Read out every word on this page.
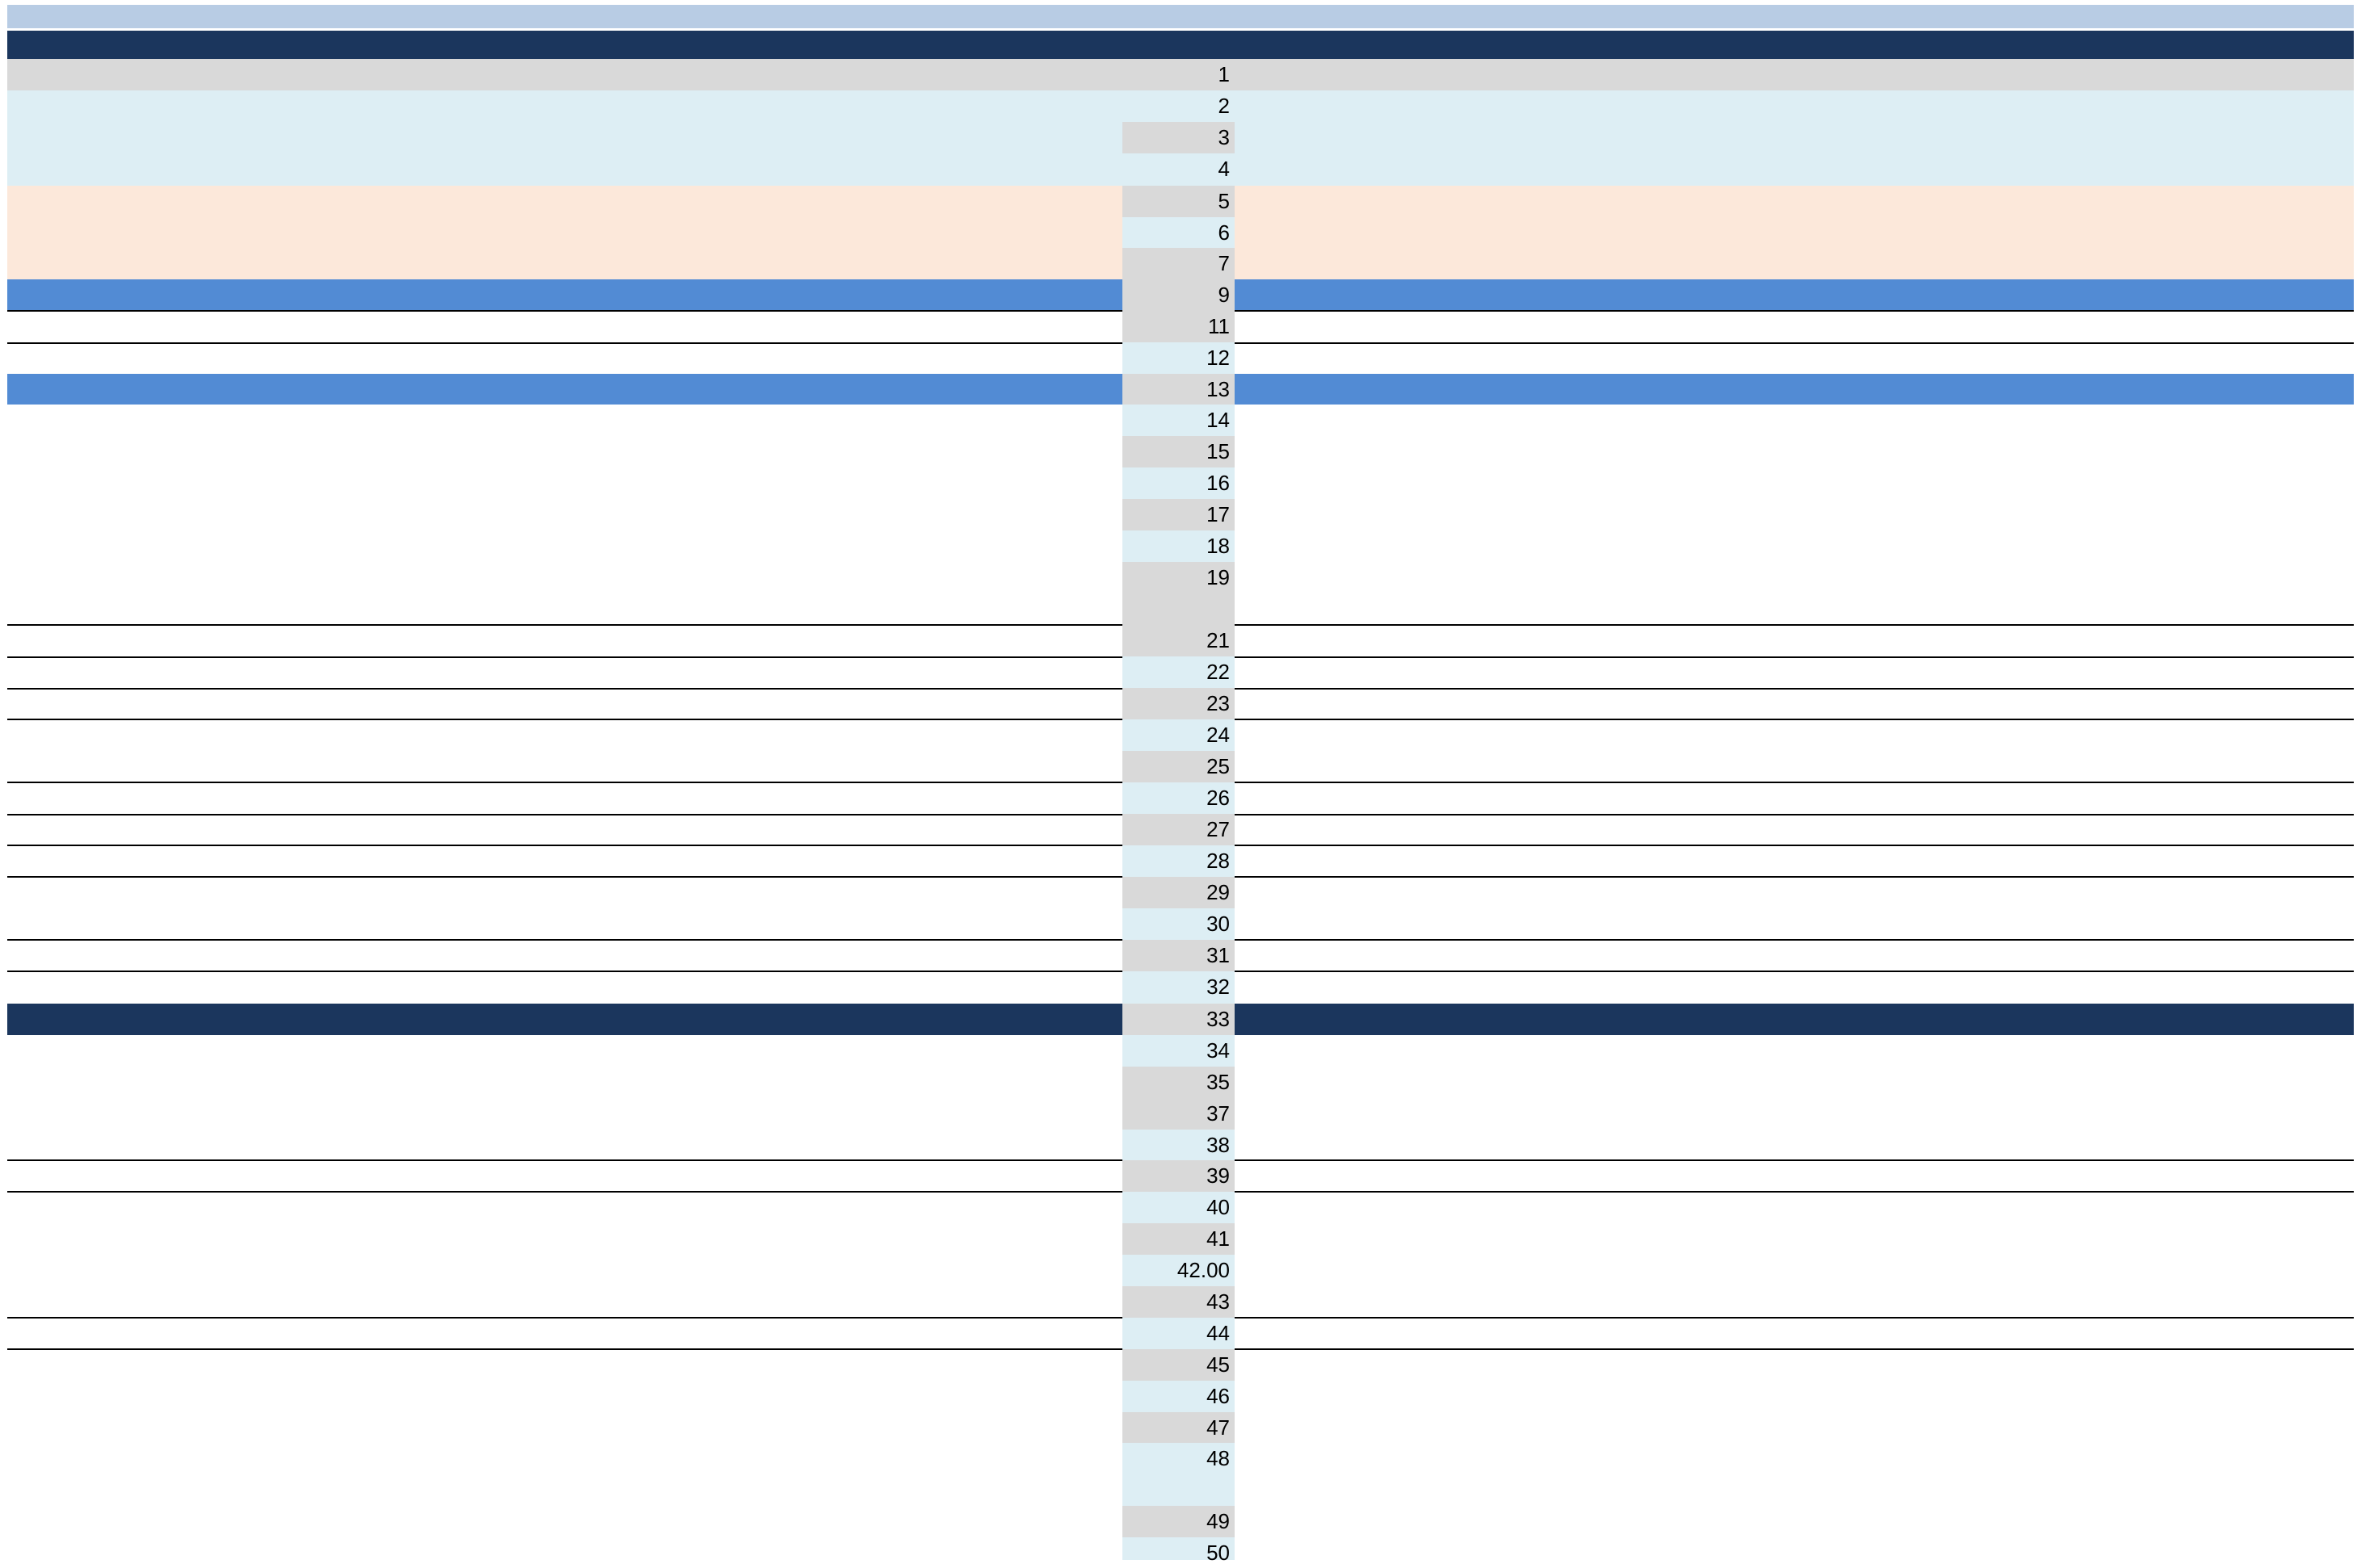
1
2
3
4
5
6
7
9
11
12
13
14
15
16
17
18
19
21
22
23
24
25
26
27
28
29
30
31
32
33
34
35
37
38
39
40
41
42.00
43
44
45
46
47
48
49
50
